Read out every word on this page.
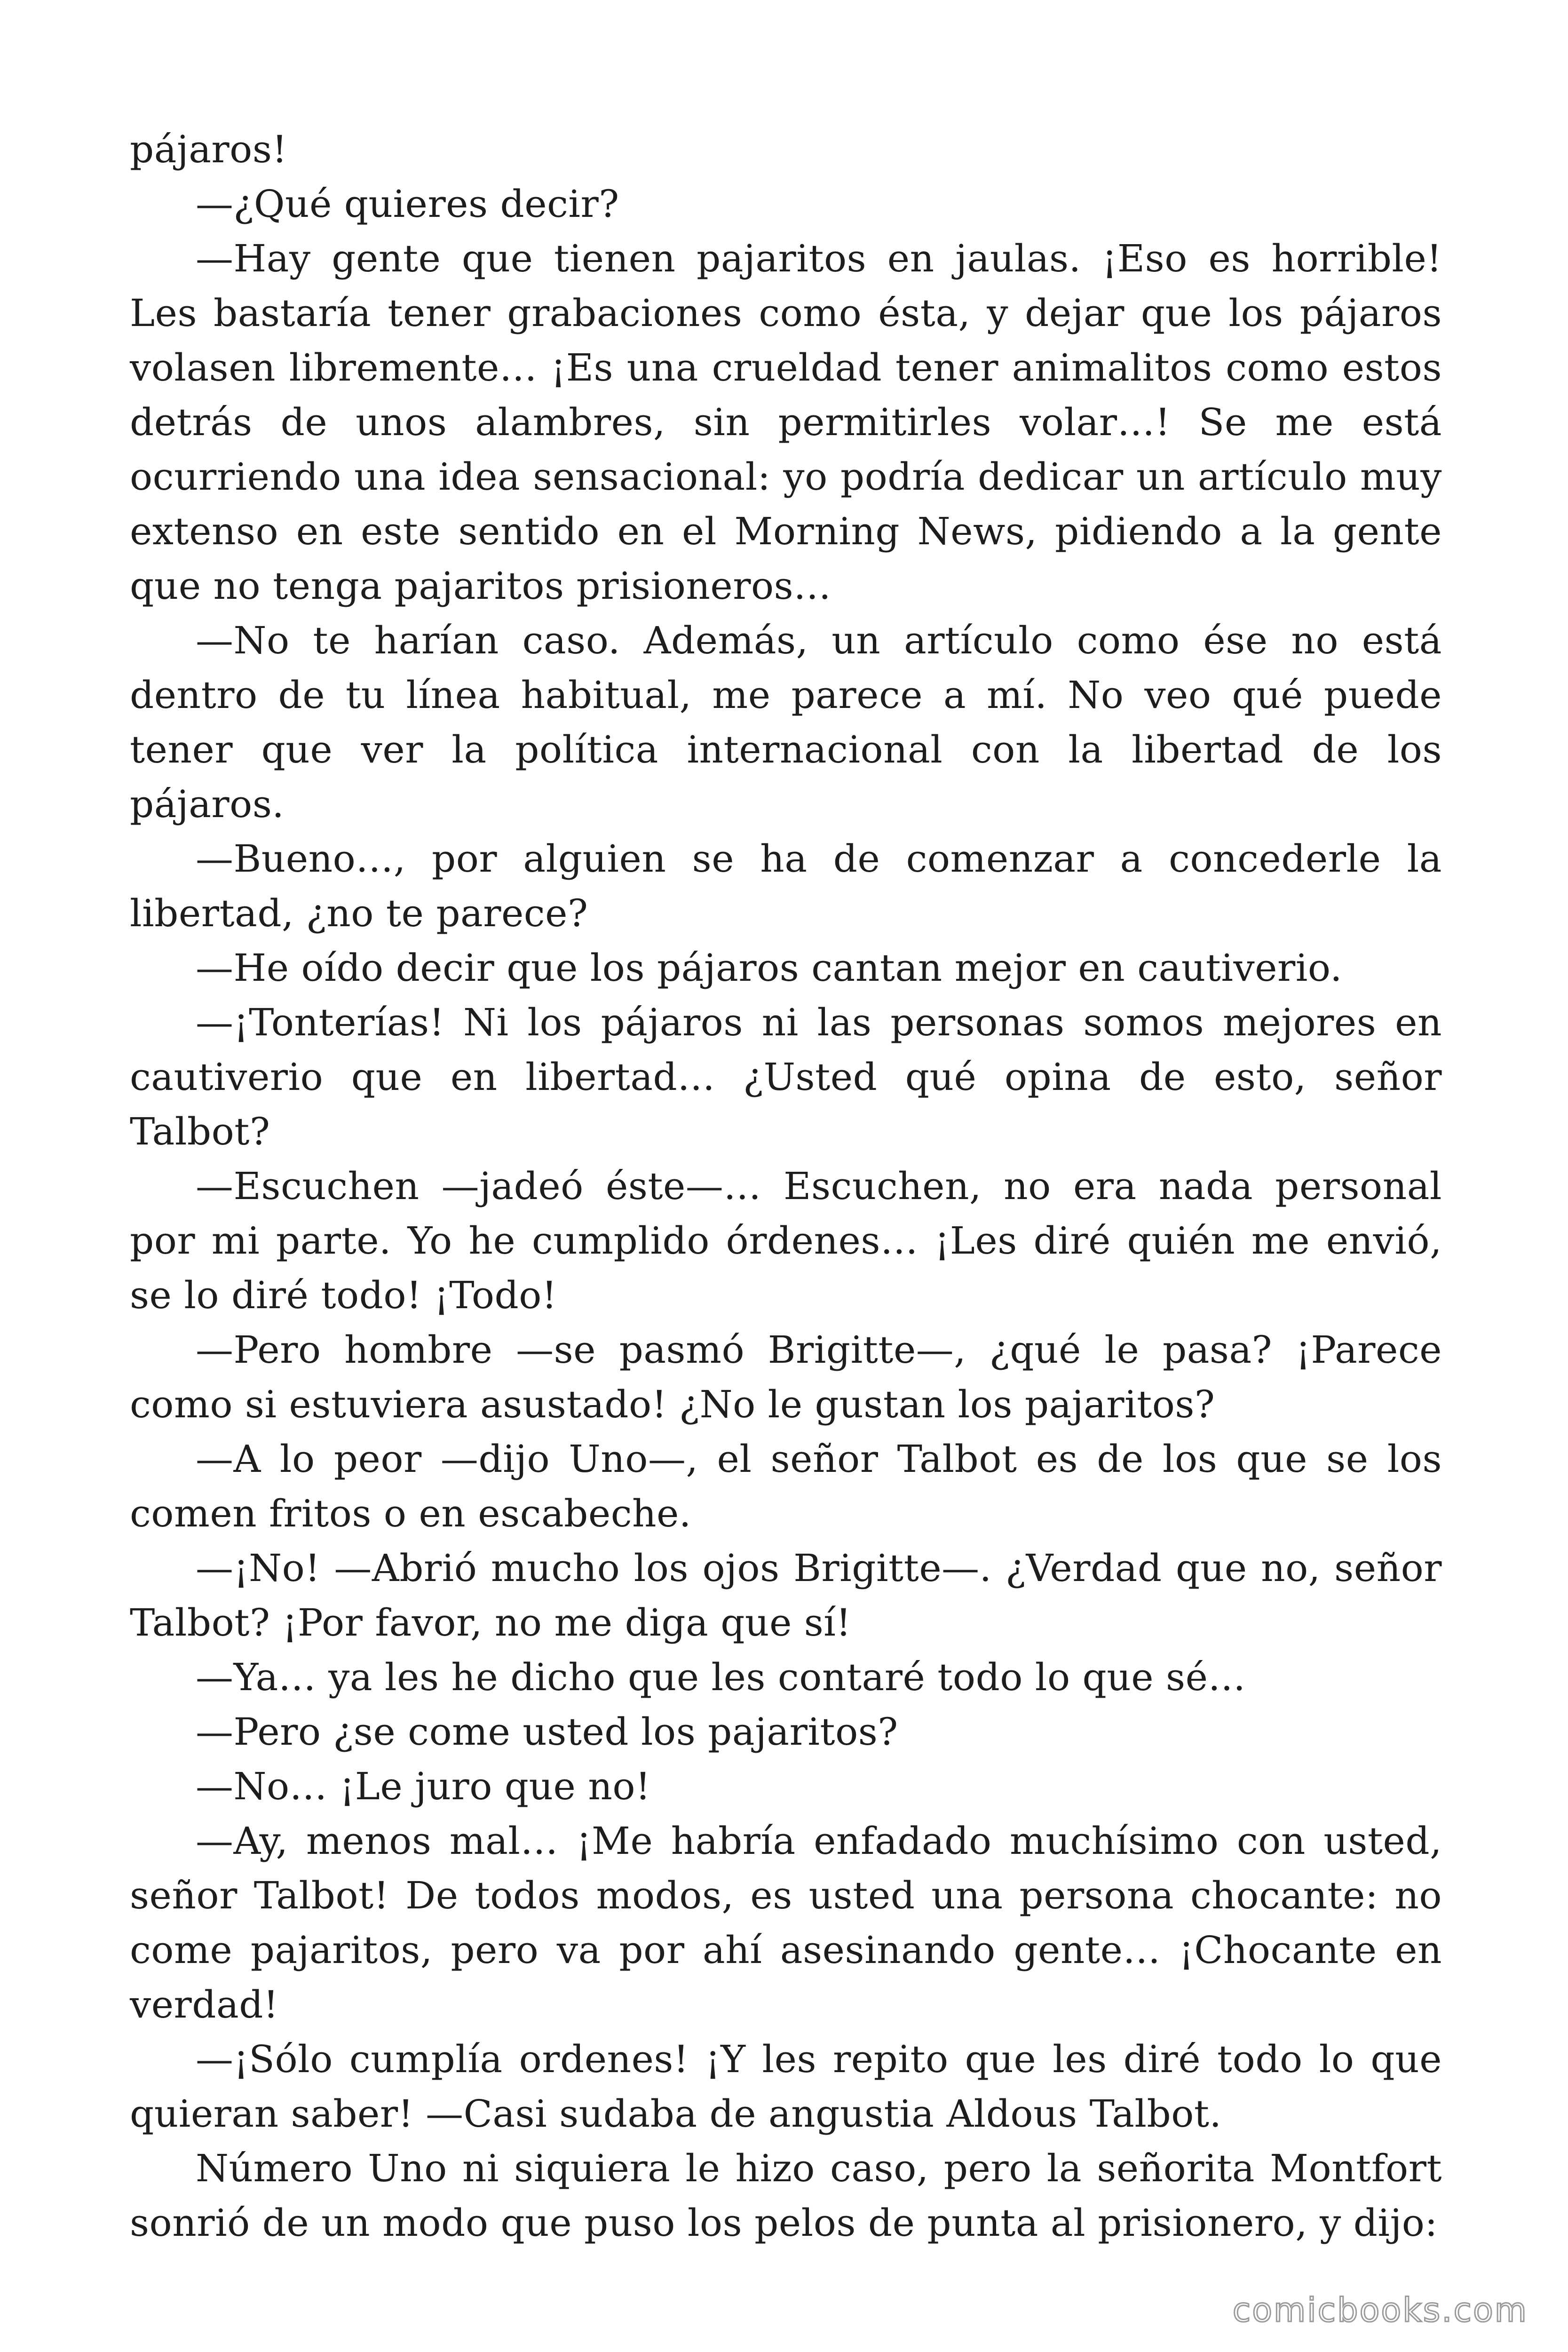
pájaros!

—¿Qué quieres decir?

—Hay gente que tienen pajaritos en jaulas. ¡Eso es horrible! Les bastaría tener grabaciones como ésta, y dejar que los pájaros volasen libremente… ¡Es una crueldad tener animalitos como estos detrás de unos alambres, sin permitirles volar…! Se me está ocurriendo una idea sensacional: yo podría dedicar un artículo muy extenso en este sentido en el Morning News, pidiendo a la gente que no tenga pajaritos prisioneros…

—No te harían caso. Además, un artículo como ése no está dentro de tu línea habitual, me parece a mí. No veo qué puede tener que ver la política internacional con la libertad de los pájaros.

—Bueno…, por alguien se ha de comenzar a concederle la libertad, ¿no te parece?

—He oído decir que los pájaros cantan mejor en cautiverio.

—¡Tonterías! Ni los pájaros ni las personas somos mejores en cautiverio que en libertad… ¿Usted qué opina de esto, señor Talbot?

—Escuchen —jadeó éste—… Escuchen, no era nada personal por mi parte. Yo he cumplido órdenes… ¡Les diré quién me envió, se lo diré todo! ¡Todo!

—Pero hombre —se pasmó Brigitte—, ¿qué le pasa? ¡Parece como si estuviera asustado! ¿No le gustan los pajaritos?

—A lo peor —dijo Uno—, el señor Talbot es de los que se los comen fritos o en escabeche.

—¡No! —Abrió mucho los ojos Brigitte—. ¿Verdad que no, señor Talbot? ¡Por favor, no me diga que sí!

—Ya… ya les he dicho que les contaré todo lo que sé…

—Pero ¿se come usted los pajaritos?

—No… ¡Le juro que no!

—Ay, menos mal… ¡Me habría enfadado muchísimo con usted, señor Talbot! De todos modos, es usted una persona chocante: no come pajaritos, pero va por ahí asesinando gente… ¡Chocante en verdad!

—¡Sólo cumplía ordenes! ¡Y les repito que les diré todo lo que quieran saber! —Casi sudaba de angustia Aldous Talbot.

Número Uno ni siquiera le hizo caso, pero la señorita Montfort sonrió de un modo que puso los pelos de punta al prisionero, y dijo:

comicbooks.com
